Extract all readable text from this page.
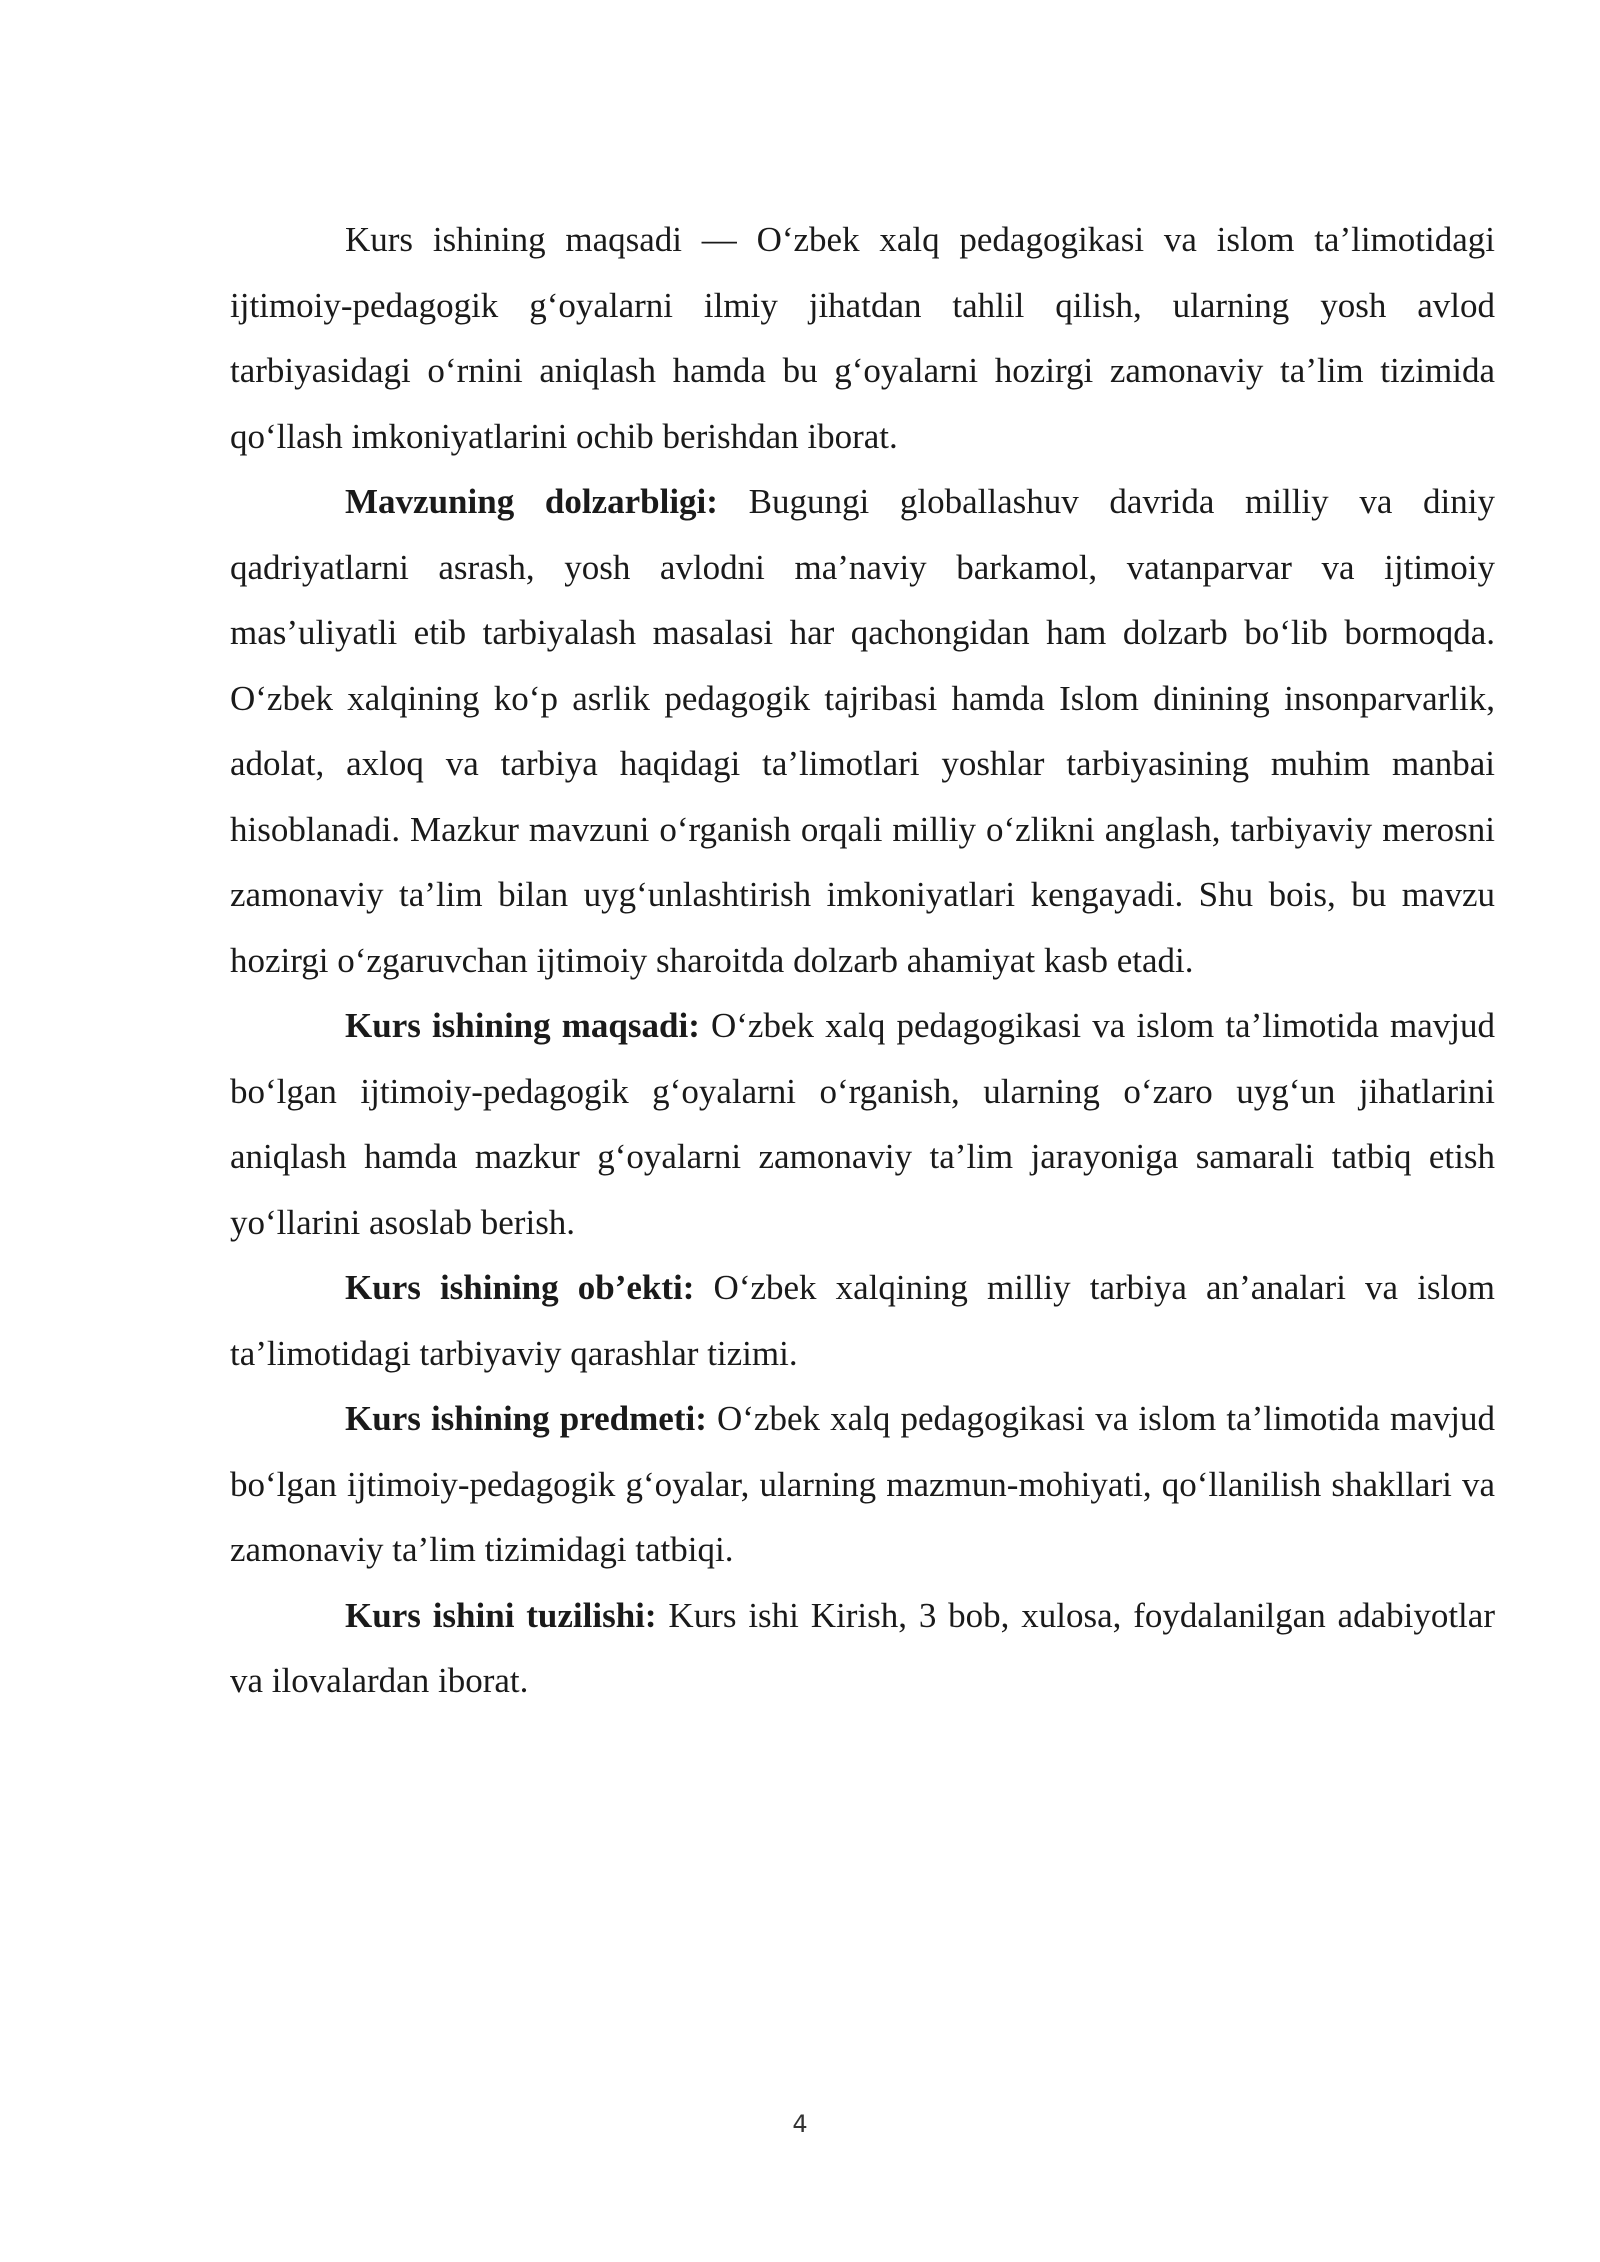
Kurs ishining maqsadi — O‘zbek xalq pedagogikasi va islom ta’limotidagi ijtimoiy-pedagogik g‘oyalarni ilmiy jihatdan tahlil qilish, ularning yosh avlod tarbiyasidagi o‘rnini aniqlash hamda bu g‘oyalarni hozirgi zamonaviy ta’lim tizimida qo‘llash imkoniyatlarini ochib berishdan iborat.

Mavzuning dolzarbligi: Bugungi globallashuv davrida milliy va diniy qadriyatlarni asrash, yosh avlodni ma’naviy barkamol, vatanparvar va ijtimoiy mas’uliyatli etib tarbiyalash masalasi har qachongidan ham dolzarb bo‘lib bormoqda. O‘zbek xalqining ko‘p asrlik pedagogik tajribasi hamda Islom dinining insonparvarlik, adolat, axloq va tarbiya haqidagi ta’limotlari yoshlar tarbiyasining muhim manbai hisoblanadi. Mazkur mavzuni o‘rganish orqali milliy o‘zlikni anglash, tarbiyaviy merosni zamonaviy ta’lim bilan uyg‘unlashtirish imkoniyatlari kengayadi. Shu bois, bu mavzu hozirgi o‘zgaruvchan ijtimoiy sharoitda dolzarb ahamiyat kasb etadi.

Kurs ishining maqsadi: O‘zbek xalq pedagogikasi va islom ta’limotida mavjud bo‘lgan ijtimoiy-pedagogik g‘oyalarni o‘rganish, ularning o‘zaro uyg‘un jihatlarini aniqlash hamda mazkur g‘oyalarni zamonaviy ta’lim jarayoniga samarali tatbiq etish yo‘llarini asoslab berish.

Kurs ishining ob’ekti: O‘zbek xalqining milliy tarbiya an’analari va islom ta’limotidagi tarbiyaviy qarashlar tizimi.

Kurs ishining predmeti: O‘zbek xalq pedagogikasi va islom ta’limotida mavjud bo‘lgan ijtimoiy-pedagogik g‘oyalar, ularning mazmun-mohiyati, qo‘llanilish shakllari va zamonaviy ta’lim tizimidagi tatbiqi.

Kurs ishini tuzilishi: Kurs ishi Kirish, 3 bob, xulosa, foydalanilgan adabiyotlar va ilovalardan iborat.

4
